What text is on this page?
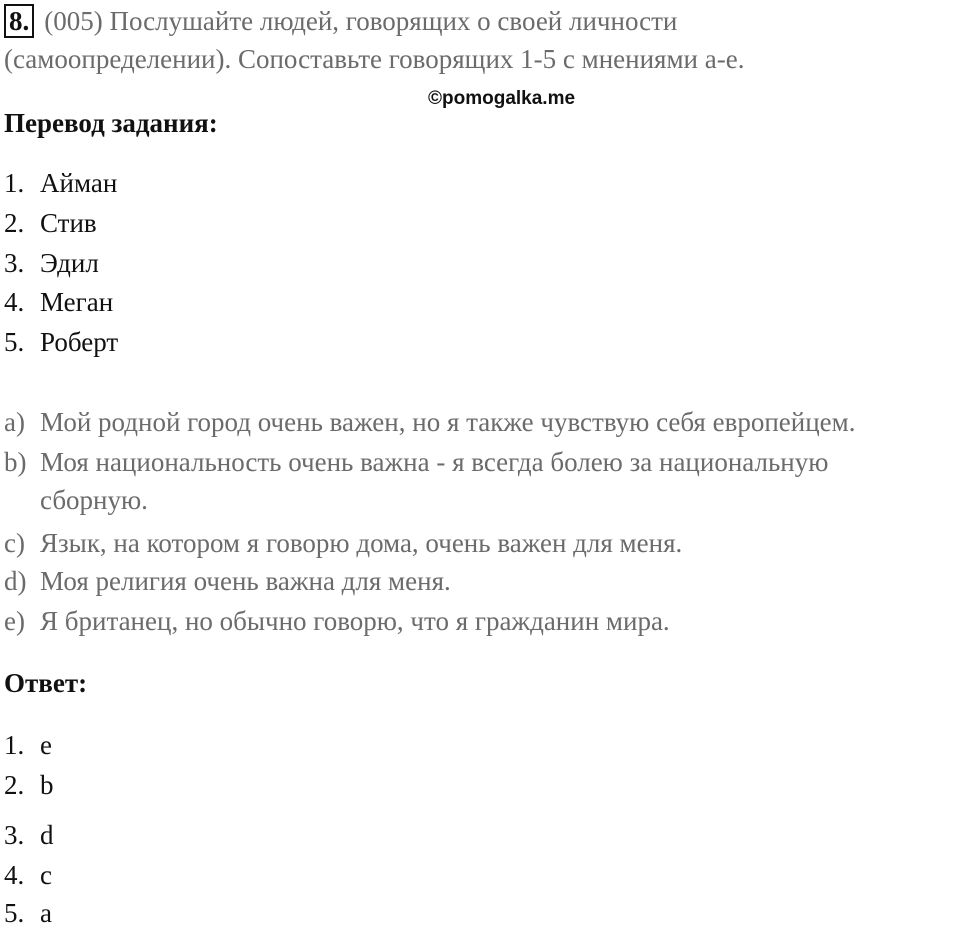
8. (005) Послушайте людей, говорящих о своей личности
(самоопределении). Сопоставьте говорящих 1-5 с мнениями a-e.
©pomogalka.me
Перевод задания:
1. Айман
2. Стив
3. Эдил
4. Меган
5. Роберт
a) Мой родной город очень важен, но я также чувствую себя европейцем.
b) Моя национальность очень важна - я всегда болею за национальную
сборную.
c) Язык, на котором я говорю дома, очень важен для меня.
d) Моя религия очень важна для меня.
e) Я британец, но обычно говорю, что я гражданин мира.
Ответ:
1. e
2. b
3. d
4. c
5. a
